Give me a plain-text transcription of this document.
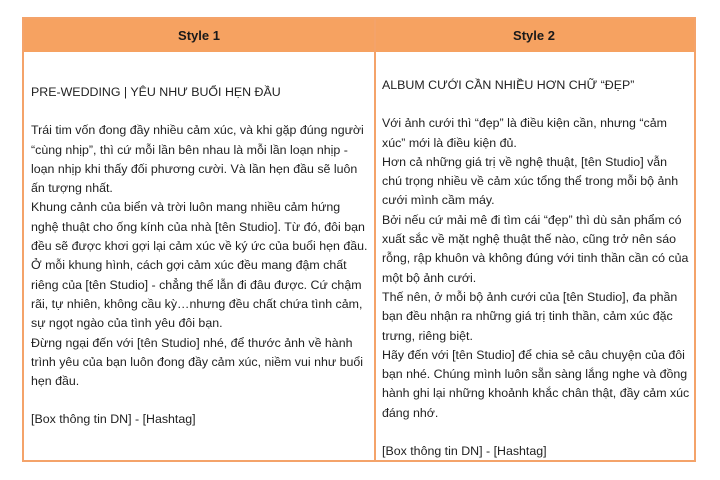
Style 1	Style 2

PRE-WEDDING | YÊU NHƯ BUỔI HẸN ĐẦU

Trái tim vốn đong đầy nhiều cảm xúc, và khi gặp đúng người “cùng nhịp”, thì cứ mỗi lần bên nhau là mỗi lần loạn nhịp - loạn nhịp khi thấy đối phương cười. Và lần hẹn đầu sẽ luôn ấn tượng nhất.

Khung cảnh của biển và trời luôn mang nhiều cảm hứng nghệ thuật cho ống kính của nhà [tên Studio]. Từ đó, đôi bạn đều sẽ được khơi gợi lại cảm xúc về ký ức của buổi hẹn đầu.

Ở mỗi khung hình, cách gợi cảm xúc đều mang đậm chất riêng của [tên Studio] - chẳng thể lẫn đi đâu được. Cứ chậm rãi, tự nhiên, không cầu kỳ…nhưng đều chất chứa tình cảm, sự ngọt ngào của tình yêu đôi bạn.

Đừng ngại đến với [tên Studio] nhé, để thước ảnh về hành trình yêu của bạn luôn đong đầy cảm xúc, niềm vui như buổi hẹn đầu.

[Box thông tin DN] - [Hashtag]

ALBUM CƯỚI CẦN NHIỀU HƠN CHỮ “ĐẸP”

Với ảnh cưới thì “đẹp” là điều kiện cần, nhưng “cảm xúc” mới là điều kiện đủ.

Hơn cả những giá trị về nghệ thuật, [tên Studio] vẫn chú trọng nhiều về cảm xúc tổng thể trong mỗi bộ ảnh cưới mình cầm máy.

Bởi nếu cứ mải mê đi tìm cái “đẹp” thì dù sản phẩm có xuất sắc về mặt nghệ thuật thế nào, cũng trở nên sáo rỗng, rập khuôn và không đúng với tinh thần cần có của một bộ ảnh cưới.

Thế nên, ở mỗi bộ ảnh cưới của [tên Studio], đa phần bạn đều nhận ra những giá trị tinh thần, cảm xúc đặc trưng, riêng biệt.

Hãy đến với [tên Studio] để chia sẻ câu chuyện của đôi bạn nhé. Chúng mình luôn sẵn sàng lắng nghe và đồng hành ghi lại những khoảnh khắc chân thật, đầy cảm xúc đáng nhớ.

[Box thông tin DN] - [Hashtag]
